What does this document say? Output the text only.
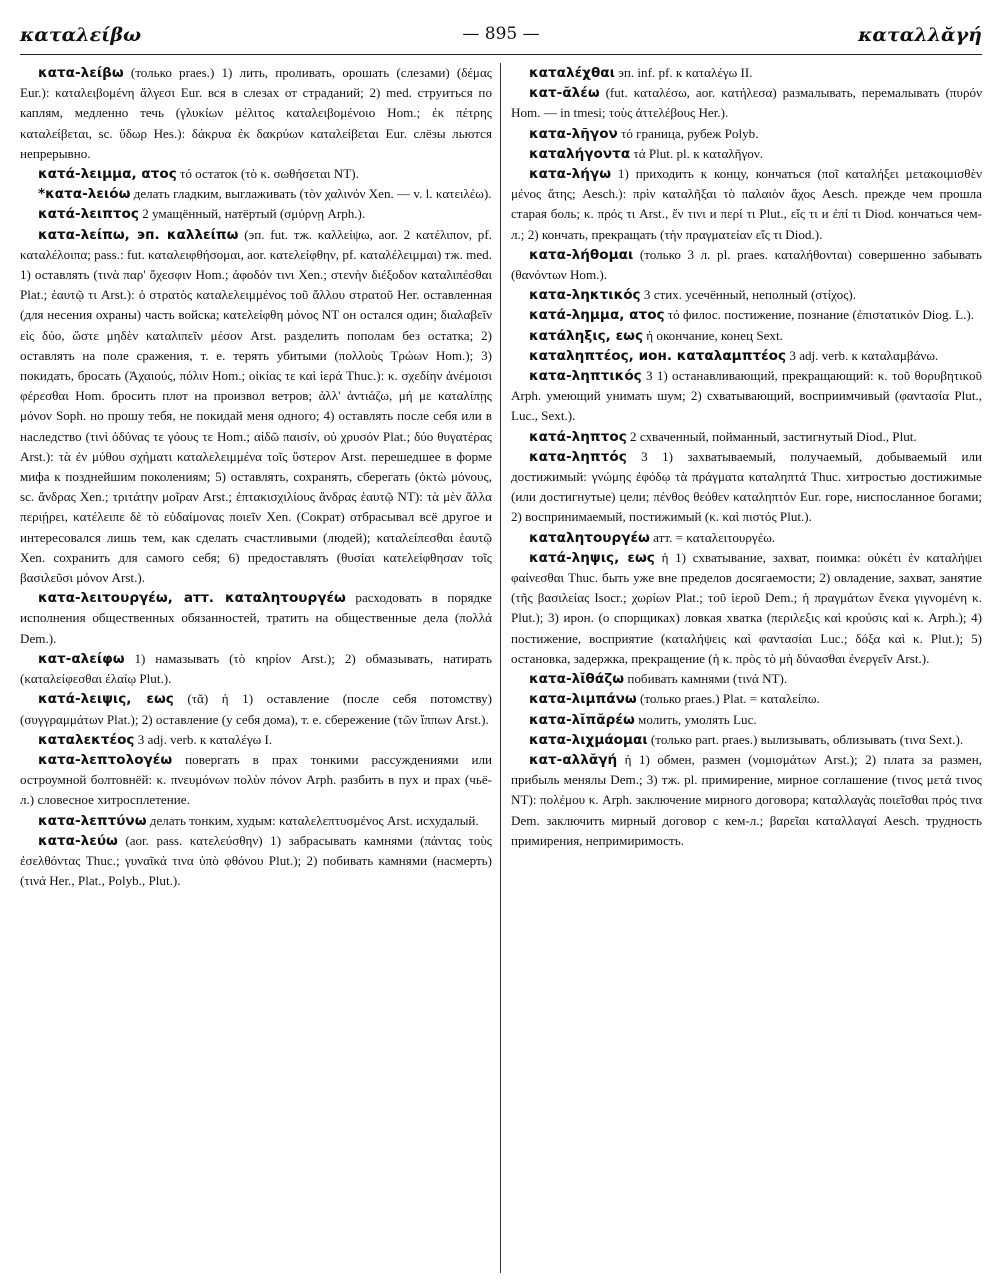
καταλείβω	— 895 —	καταλλᾰγή

κατα-λείβω (только praes.) 1) лить, проливать, орошать (слезами) (δέμας Eur.): καταλειβομένη ἄλγεσι Eur. вся в слезах от страданий; 2) med. струиться по каплям, медленно течь (γλυκίων μέλιτος καταλειβομένοιο Hom.; ἐκ πέτρης καταλείβεται, sc. ὕδωρ Hes.): δάκρυα ἐκ δακρύων καταλείβεται Eur. слёзы льются непрерывно.

κατά-λειμμα, ατος τό остаток (τὸ κ. σωθήσεται NT).

*κατα-λειόω делать гладким, выглаживать (τὸν χαλινόν Xen. — v. l. κατειλέω).

κατά-λειπτος 2 умащённый, натёртый (σμύρνῃ Arph.).

κατα-λείπω, эп. καλλείπω (эп. fut. тж. καλλείψω, aor. 2 κατέλιπον, pf. καταλέλοιπα; pass.: fut. καταλειφθήσομαι, aor. κατελείφθην, pf. καταλέλειμμαι) тж. med. 1) оставлять (τινὰ παρ' ὄχεσφιν Hom.; ἀφοδόν τινι Xen.; στενὴν διέξοδον καταλιπέσθαι Plat.; ἑαυτῷ τι Arst.): ὁ στρατὸς καταλελειμμένος τοῦ ἄλλου στρατοῦ Her. оставленная (для несения охраны) часть войска; κατελείφθη μόνος NT он остался один; διαλαβεῖν εἰς δύο, ὥστε μηδὲν καταλιπεῖν μέσον Arst. разделить пополам без остатка; 2) оставлять на поле сражения, т. е. терять убитыми (πολλοὺς Τρώων Hom.); 3) покидать, бросать (Ἀχαιούς, πόλιν Hom.; οἰκίας τε καὶ ἱερά Thuc.): κ. σχεδίην ἀνέμοισι φέρεσθαι Hom. бросить плот на произвол ветров; ἀλλ' ἀντιάζω, μή με καταλίπῃς μόνον Soph. но прошу тебя, не покидай меня одного; 4) оставлять после себя или в наследство (τινὶ ὀδύνας τε γόους τε Hom.; αἰδῶ παισίν, οὐ χρυσόν Plat.; δύο θυγατέρας Arst.): τὰ ἐν μύθου σχήματι καταλελειμμένα τοῖς ὕστερον Arst. перешедшее в форме мифа к позднейшим поколениям; 5) оставлять, сохранять, сберегать (ὀκτὼ μόνους, sc. ἄνδρας Xen.; τριτάτην μοῖραν Arst.; ἑπτακισχιλίους ἄνδρας ἑαυτῷ NT): τὰ μὲν ἄλλα περιῄρει, κατέλειπε δὲ τὸ εὐδαίμονας ποιεῖν Xen. (Сократ) отбрасывал всё другое и интересовался лишь тем, как сделать счастливыми (людей); καταλείπεσθαι ἑαυτῷ Xen. сохранить для самого себя; 6) предоставлять (θυσίαι κατελείφθησαν τοῖς βασιλεῦσι μόνον Arst.).

κατα-λειτουργέω, атт. καταλητουργέω расходовать в порядке исполнения общественных обязанностей, тратить на общественные дела (πολλά Dem.).

κατ-αλείφω 1) намазывать (τὸ κηρίον Arst.); 2) обмазывать, натирать (καταλείφεσθαι ἐλαίῳ Plut.).

κατά-λειψις, εως (τᾰ) ἡ 1) оставление (после себя потомству) (συγγραμμάτων Plat.); 2) оставление (у себя дома), т. е. сбережение (τῶν ἵππων Arst.).

καταλεκτέος 3 adj. verb. к καταλέγω I.

κατα-λεπτολογέω повергать в прах тонкими рассуждениями или остроумной болтовнёй: κ. πνευμόνων πολὺν πόνον Arph. разбить в пух и прах (чьё-л.) словесное хитросплетение.

κατα-λεπτύνω делать тонким, худым: καταλελεπτυσμένος Arst. исхудалый.

κατα-λεύω (aor. pass. κατελεύσθην) 1) забрасывать камнями (πάντας τοὺς ἐσελθόντας Thuc.; γυναῖκά τινα ὑπὸ φθόνου Plut.); 2) побивать камнями (насмерть) (τινά Her., Plat., Polyb., Plut.).

καταλέχθαι эп. inf. pf. к καταλέγω II.

κατ-ᾰλέω (fut. καταλέσω, aor. κατήλεσα) размалывать, перемалывать (πυρόν Hom. — in tmesi; τοὺς ἀττελέβους Her.).

κατα-λῆγον τό граница, рубеж Polyb.

καταλήγοντα τά Plut. pl. к καταλῆγον.

κατα-λήγω 1) приходить к концу, кончаться (ποῖ καταλήξει μετακοιμισθὲν μένος ἄτης; Aesch.): πρὶν καταλῆξαι τὸ παλαιὸν ἄχος Aesch. прежде чем прошла старая боль; κ. πρός τι Arst., ἔν τινι и περί τι Plut., εἴς τι и ἐπί τι Diod. кончаться чем-л.; 2) кончать, прекращать (τὴν πραγματείαν εἴς τι Diod.).

κατα-λήθομαι (только 3 л. pl. praes. καταλήθονται) совершенно забывать (θανόντων Hom.).

κατα-ληκτικός 3 стих. усечённый, неполный (στίχος).

κατά-λημμα, ατος τό филос. постижение, познание (ἐπιστατικόν Diog. L.).

κατάληξις, εως ἡ окончание, конец Sext.

καταληπτέος, ион. καταλαμπτέος 3 adj. verb. к καταλαμβάνω.

κατα-ληπτικός 3 1) останавливающий, прекращающий: κ. τοῦ θορυβητικοῦ Arph. умеющий унимать шум; 2) схватывающий, восприимчивый (φαντασία Plut., Luc., Sext.).

κατά-ληπτος 2 схваченный, пойманный, застигнутый Diod., Plut.

κατα-ληπτός 3 1) захватываемый, получаемый, добываемый или достижимый: γνώμης ἐφόδῳ τὰ πράγματα καταληπτά Thuc. хитростью достижимые (или достигнутые) цели; πένθος θεόθεν καταληπτόν Eur. горе, ниспосланное богами; 2) воспринимаемый, постижимый (κ. καὶ πιστός Plut.).

καταλητουργέω атт. = καταλειτουργέω.

κατά-ληψις, εως ἡ 1) схватывание, захват, поимка: οὐκέτι ἐν καταλήψει φαίνεσθαι Thuc. быть уже вне пределов досягаемости; 2) овладение, захват, занятие (τῆς βασιλείας Isocr.; χωρίων Plat.; τοῦ ἱεροῦ Dem.; ἡ πραγμάτων ἕνεκα γιγνομένη κ. Plut.); 3) ирон. (о спорщиках) ловкая хватка (περιλεξις καὶ κρούσις καὶ κ. Arph.); 4) постижение, восприятие (καταλήψεις καὶ φαντασίαι Luc.; δόξα καὶ κ. Plut.); 5) остановка, задержка, прекращение (ἡ κ. πρὸς τὸ μὴ δύνασθαι ἐνεργεῖν Arst.).

κατα-λῐθάζω побивать камнями (τινά NT).

κατα-λιμπάνω (только praes.) Plat. = καταλείπω.

κατα-λῐπᾰρέω молить, умолять Luc.

κατα-λιχμάομαι (только part. praes.) вылизывать, облизывать (τινα Sext.).

κατ-αλλᾰγή ἡ 1) обмен, размен (νομισμάτων Arst.); 2) плата за размен, прибыль менялы Dem.; 3) тж. pl. примирение, мирное соглашение (τινος μετά τινος NT): πολέμου κ. Arph. заключение мирного договора; καταλλαγὰς ποιεῖσθαι πρός τινα Dem. заключить мирный договор с кем-л.; βαρεῖαι καταλλαγαί Aesch. трудность примирения, непримиримость.
